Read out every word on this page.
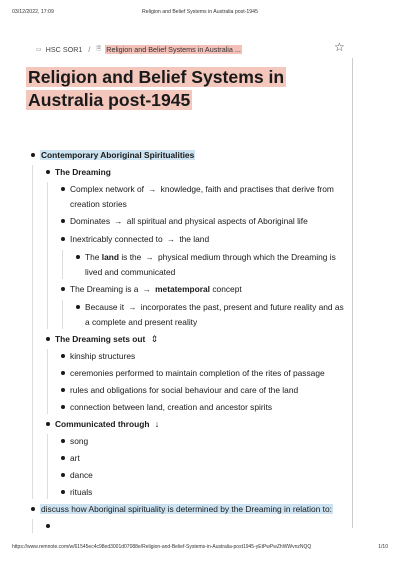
03/12/2022, 17:09	Religion and Belief Systems in Australia post-1945
▭ HSC SOR1 / 🗎 Religion and Belief Systems in Australia ...	☆
Religion and Belief Systems in
Australia post-1945
Contemporary Aboriginal Spiritualities
The Dreaming
Complex network of → knowledge, faith and practises that derive from creation stories
Dominates → all spiritual and physical aspects of Aboriginal life
Inextricably connected to → the land
The land is the → physical medium through which the Dreaming is lived and communicated
The Dreaming is a → metatemporal concept
Because it → incorporates the past, present and future reality and as a complete and present reality
The Dreaming sets out ⇕
kinship structures
ceremonies performed to maintain completion of the rites of passage
rules and obligations for social behaviour and care of the land
connection between land, creation and ancestor spirits
Communicated through ↓
song
art
dance
rituals
discuss how Aboriginal spirituality is determined by the Dreaming in relation to:

https://www.remnote.com/w/61545ec4c98ed3001d07088e/Religion-and-Belief-Systems-in-Australia-post1945-yEtPwPwZhWWvnzNQQ	1/10
